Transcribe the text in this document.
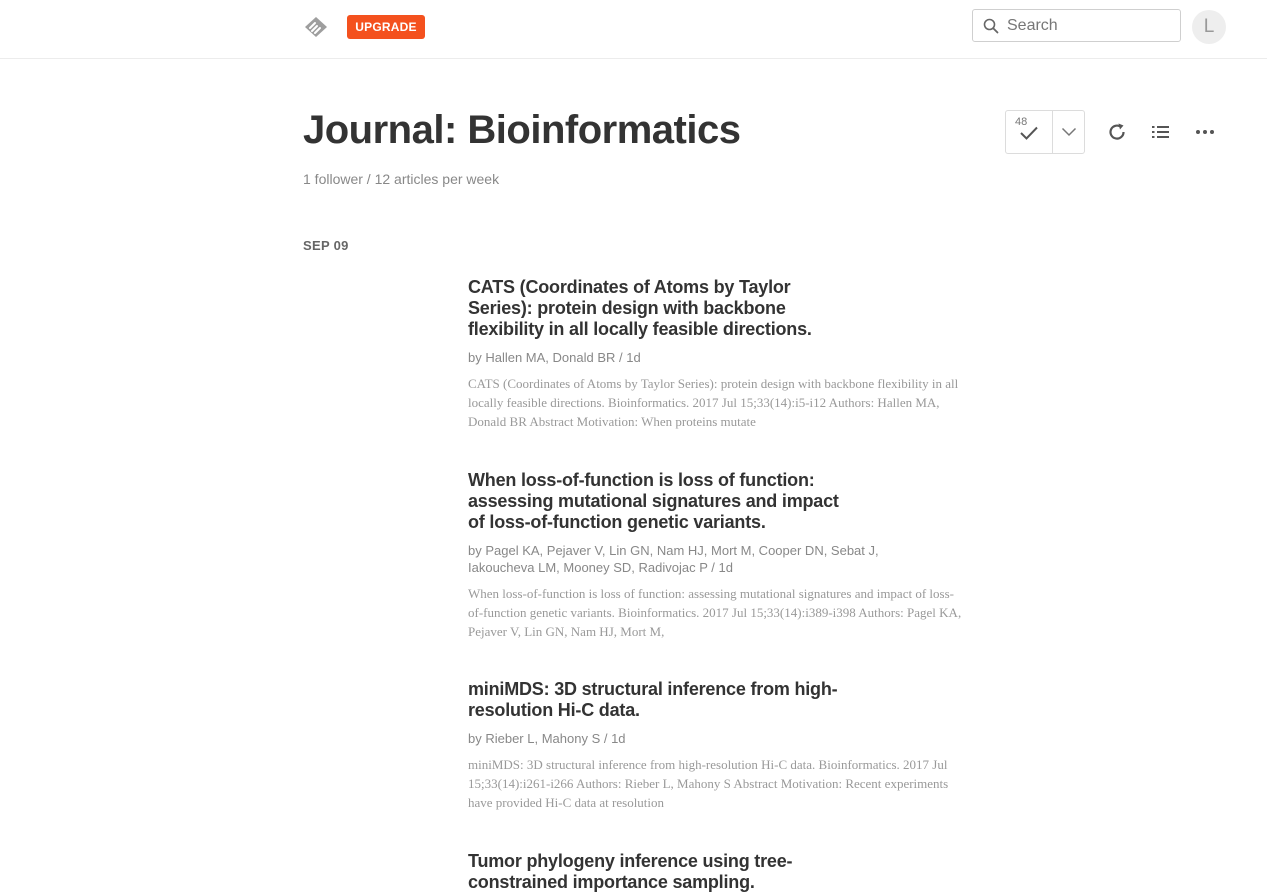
UPGRADE
Search	L
Journal: Bioinformatics
1 follower / 12 articles per week
48
SEP 09
CATS (Coordinates of Atoms by Taylor Series): protein design with backbone flexibility in all locally feasible directions.
by Hallen MA, Donald BR / 1d
CATS (Coordinates of Atoms by Taylor Series): protein design with backbone flexibility in all locally feasible directions. Bioinformatics. 2017 Jul 15;33(14):i5-i12 Authors: Hallen MA, Donald BR Abstract Motivation: When proteins mutate
When loss-of-function is loss of function: assessing mutational signatures and impact of loss-of-function genetic variants.
by Pagel KA, Pejaver V, Lin GN, Nam HJ, Mort M, Cooper DN, Sebat J, Iakoucheva LM, Mooney SD, Radivojac P / 1d
When loss-of-function is loss of function: assessing mutational signatures and impact of loss-of-function genetic variants. Bioinformatics. 2017 Jul 15;33(14):i389-i398 Authors: Pagel KA, Pejaver V, Lin GN, Nam HJ, Mort M,
miniMDS: 3D structural inference from high-resolution Hi-C data.
by Rieber L, Mahony S / 1d
miniMDS: 3D structural inference from high-resolution Hi-C data. Bioinformatics. 2017 Jul 15;33(14):i261-i266 Authors: Rieber L, Mahony S Abstract Motivation: Recent experiments have provided Hi-C data at resolution
Tumor phylogeny inference using tree-constrained importance sampling.
